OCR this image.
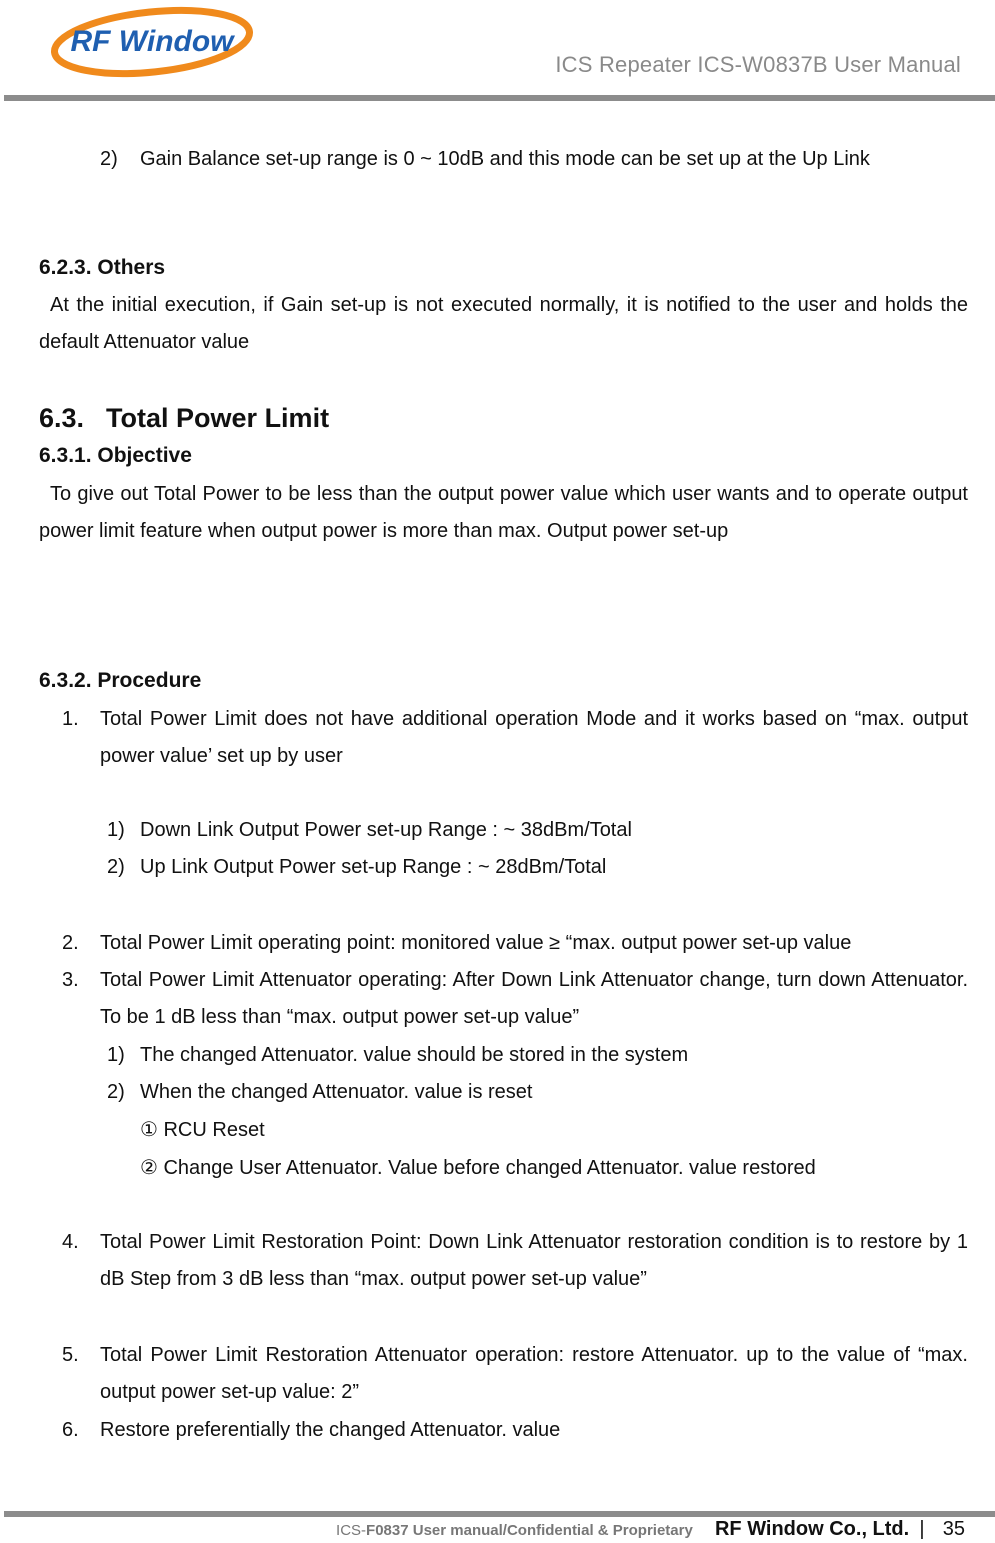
RF Window
ICS Repeater ICS-W0837B User Manual
2)	Gain Balance set-up range is 0 ~ 10dB and this mode can be set up at the Up Link
6.2.3. Others
At the initial execution, if Gain set-up is not executed normally, it is notified to the user and holds the default Attenuator value
6.3. Total Power Limit
6.3.1. Objective
To give out Total Power to be less than the output power value which user wants and to operate output power limit feature when output power is more than max. Output power set-up
6.3.2. Procedure
1.	Total Power Limit does not have additional operation Mode and it works based on “max. output power value’ set up by user
1) Down Link Output Power set-up Range : ~ 38dBm/Total
2) Up Link Output Power set-up Range : ~ 28dBm/Total
2.	Total Power Limit operating point: monitored value ≥ “max. output power set-up value
3.	Total Power Limit Attenuator operating: After Down Link Attenuator change, turn down Attenuator. To be 1 dB less than “max. output power set-up value”
1) The changed Attenuator. value should be stored in the system
2) When the changed Attenuator. value is reset
① RCU Reset
② Change User Attenuator. Value before changed Attenuator. value restored
4.	Total Power Limit Restoration Point: Down Link Attenuator restoration condition is to restore by 1 dB Step from 3 dB less than “max. output power set-up value”
5.	Total Power Limit Restoration Attenuator operation: restore Attenuator. up to the value of “max. output power set-up value: 2”
6.	Restore preferentially the changed Attenuator. value
ICS-F0837 User manual/Confidential & Proprietary RF Window Co., Ltd. | 35
